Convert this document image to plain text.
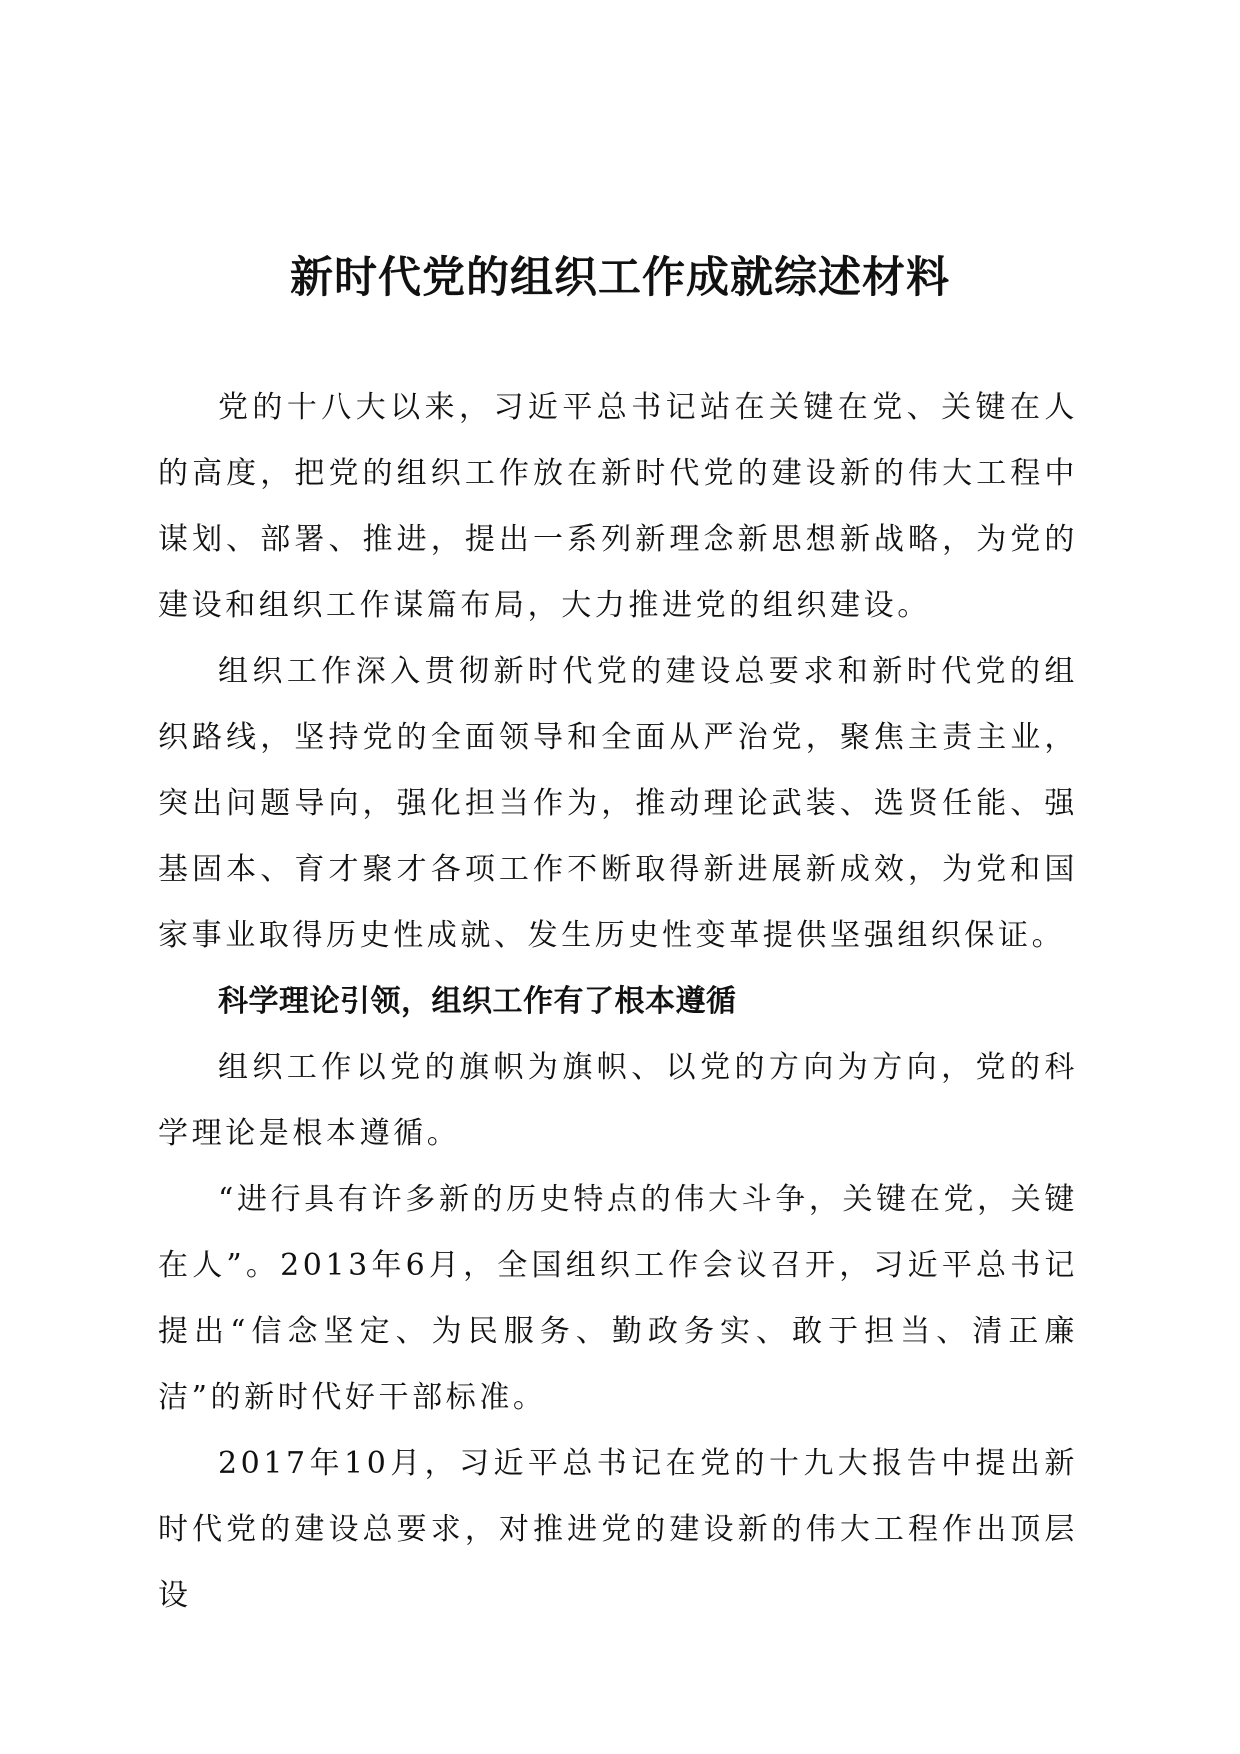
新时代党的组织工作成就综述材料

党的十八大以来，习近平总书记站在关键在党、关键在人的高度，把党的组织工作放在新时代党的建设新的伟大工程中谋划、部署、推进，提出一系列新理念新思想新战略，为党的建设和组织工作谋篇布局，大力推进党的组织建设。

组织工作深入贯彻新时代党的建设总要求和新时代党的组织路线，坚持党的全面领导和全面从严治党，聚焦主责主业，突出问题导向，强化担当作为，推动理论武装、选贤任能、强基固本、育才聚才各项工作不断取得新进展新成效，为党和国家事业取得历史性成就、发生历史性变革提供坚强组织保证。

科学理论引领，组织工作有了根本遵循

组织工作以党的旗帜为旗帜、以党的方向为方向，党的科学理论是根本遵循。

“进行具有许多新的历史特点的伟大斗争，关键在党，关键在人”。2013年6月，全国组织工作会议召开，习近平总书记提出“信念坚定、为民服务、勤政务实、敢于担当、清正廉洁”的新时代好干部标准。

2017年10月，习近平总书记在党的十九大报告中提出新时代党的建设总要求，对推进党的建设新的伟大工程作出顶层设
